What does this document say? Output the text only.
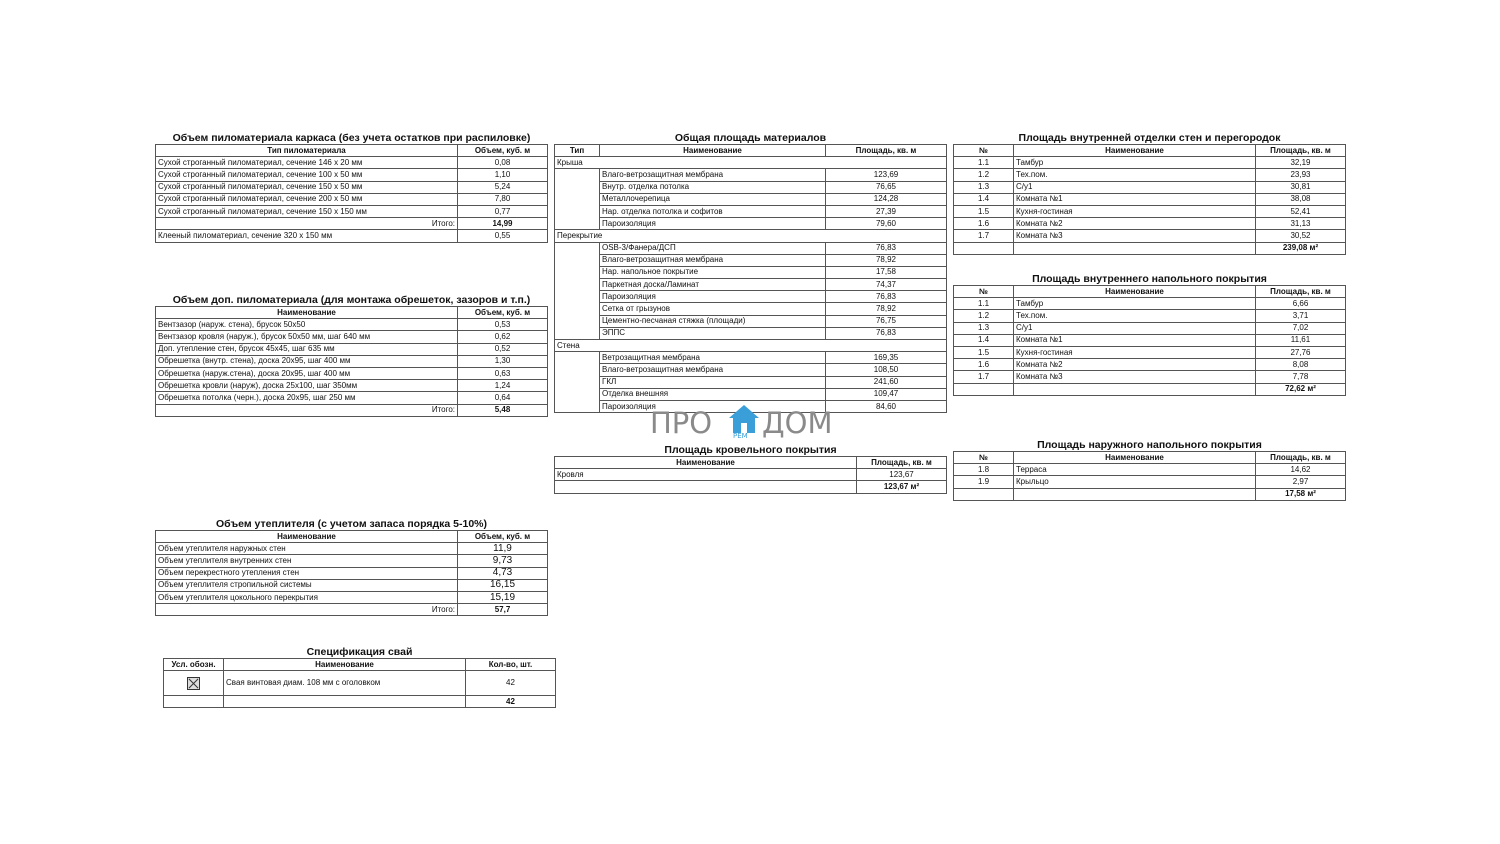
Объем пиломатериала каркаса (без учета остатков при распиловке)
Тип пиломатериала	Объем, куб. м
Сухой строганный пиломатериал, сечение 146 х 20 мм	0,08
Сухой строганный пиломатериал, сечение 100 х 50 мм	1,10
Сухой строганный пиломатериал, сечение 150 х 50 мм	5,24
Сухой строганный пиломатериал, сечение 200 х 50 мм	7,80
Сухой строганный пиломатериал, сечение 150 х 150 мм	0,77
Итого:	14,99
Клееный пиломатериал, сечение 320 х 150 мм	0,55
Объем доп. пиломатериала (для монтажа обрешеток, зазоров и т.п.)
Наименование	Объем, куб. м
Вентзазор (наруж. стена), брусок 50х50	0,53
Вентзазор кровля (наруж.), брусок 50х50 мм, шаг 640 мм	0,62
Доп. утепление стен, брусок 45х45, шаг 635 мм	0,52
Обрешетка (внутр. стена), доска 20х95, шаг 400 мм	1,30
Обрешетка (наруж.стена), доска 20х95, шаг 400 мм	0,63
Обрешетка кровли (наруж), доска 25х100, шаг 350мм	1,24
Обрешетка потолка (черн.), доска 20х95, шаг 250 мм	0,64
Итого:	5,48
Объем утеплителя (с учетом запаса порядка 5-10%)
Наименование	Объем, куб. м
Объем утеплителя наружных стен	11,9
Объем утеплителя внутренних стен	9,73
Объем перекрестного утепления стен	4,73
Объем утеплителя стропильной системы	16,15
Объем утеплителя цокольного перекрытия	15,19
Итого:	57,7
Спецификация свай
Усл. обозн.	Наименование	Кол-во, шт.
	Свая винтовая диам. 108 мм с оголовком	42
		42
Общая площадь материалов
Тип	Наименование	Площадь, кв. м
Крыша		
	Влаго-ветрозащитная мембрана	123,69
	Внутр. отделка потолка	76,65
	Металлочерепица	124,28
	Нар. отделка потолка и софитов	27,39
	Пароизоляция	79,60
Перекрытие		
	OSB-3/Фанера/ДСП	76,83
	Влаго-ветрозащитная мембрана	78,92
	Нар. напольное покрытие	17,58
	Паркетная доска/Ламинат	74,37
	Пароизоляция	76,83
	Сетка от грызунов	78,92
	Цементно-песчаная стяжка (площади)	76,75
	ЭППС	76,83
Стена		
	Ветрозащитная мембрана	169,35
	Влаго-ветрозащитная мембрана	108,50
	ГКЛ	241,60
	Отделка внешняя	109,47
	Пароизоляция	84,60
ПРО	РЕМ ДОМ
Площадь кровельного покрытия
Наименование	Площадь, кв. м
Кровля	123,67
	123,67 м²
Площадь внутренней отделки стен и перегородок
№	Наименование	Площадь, кв. м
1.1	Тамбур	32,19
1.2	Тех.пом.	23,93
1.3	С/у1	30,81
1.4	Комната №1	38,08
1.5	Кухня-гостиная	52,41
1.6	Комната №2	31,13
1.7	Комната №3	30,52
		239,08 м²
Площадь внутреннего напольного покрытия
№	Наименование	Площадь, кв. м
1.1	Тамбур	6,66
1.2	Тех.пом.	3,71
1.3	С/у1	7,02
1.4	Комната №1	11,61
1.5	Кухня-гостиная	27,76
1.6	Комната №2	8,08
1.7	Комната №3	7,78
		72,62 м²
Площадь наружного напольного покрытия
№	Наименование	Площадь, кв. м
1.8	Терраса	14,62
1.9	Крыльцо	2,97
		17,58 м²
